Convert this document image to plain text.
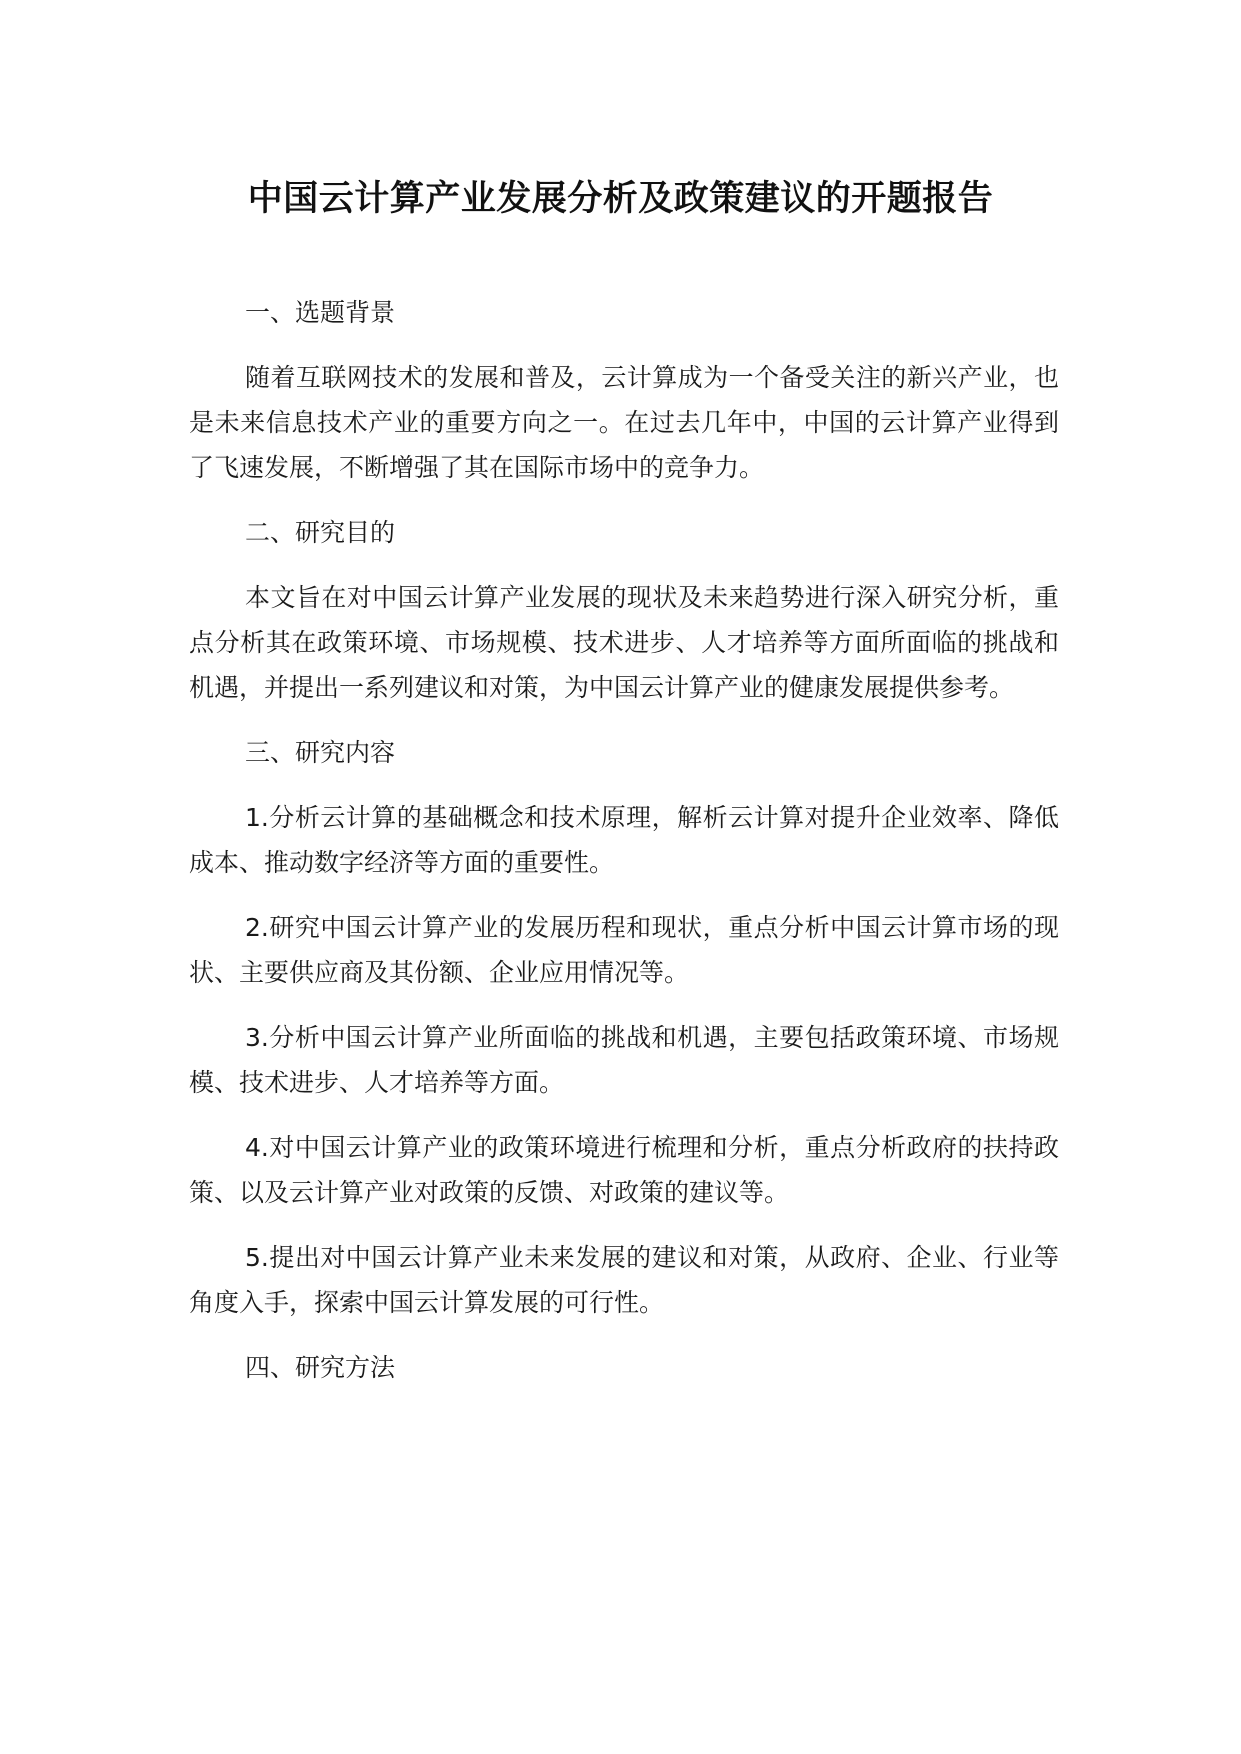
中国云计算产业发展分析及政策建议的开题报告

一、选题背景

随着互联网技术的发展和普及，云计算成为一个备受关注的新兴产业，也是未来信息技术产业的重要方向之一。在过去几年中，中国的云计算产业得到了飞速发展，不断增强了其在国际市场中的竞争力。

二、研究目的

本文旨在对中国云计算产业发展的现状及未来趋势进行深入研究分析，重点分析其在政策环境、市场规模、技术进步、人才培养等方面所面临的挑战和机遇，并提出一系列建议和对策，为中国云计算产业的健康发展提供参考。

三、研究内容

1.分析云计算的基础概念和技术原理，解析云计算对提升企业效率、降低成本、推动数字经济等方面的重要性。

2.研究中国云计算产业的发展历程和现状，重点分析中国云计算市场的现状、主要供应商及其份额、企业应用情况等。

3.分析中国云计算产业所面临的挑战和机遇，主要包括政策环境、市场规模、技术进步、人才培养等方面。

4.对中国云计算产业的政策环境进行梳理和分析，重点分析政府的扶持政策、以及云计算产业对政策的反馈、对政策的建议等。

5.提出对中国云计算产业未来发展的建议和对策，从政府、企业、行业等角度入手，探索中国云计算发展的可行性。

四、研究方法
